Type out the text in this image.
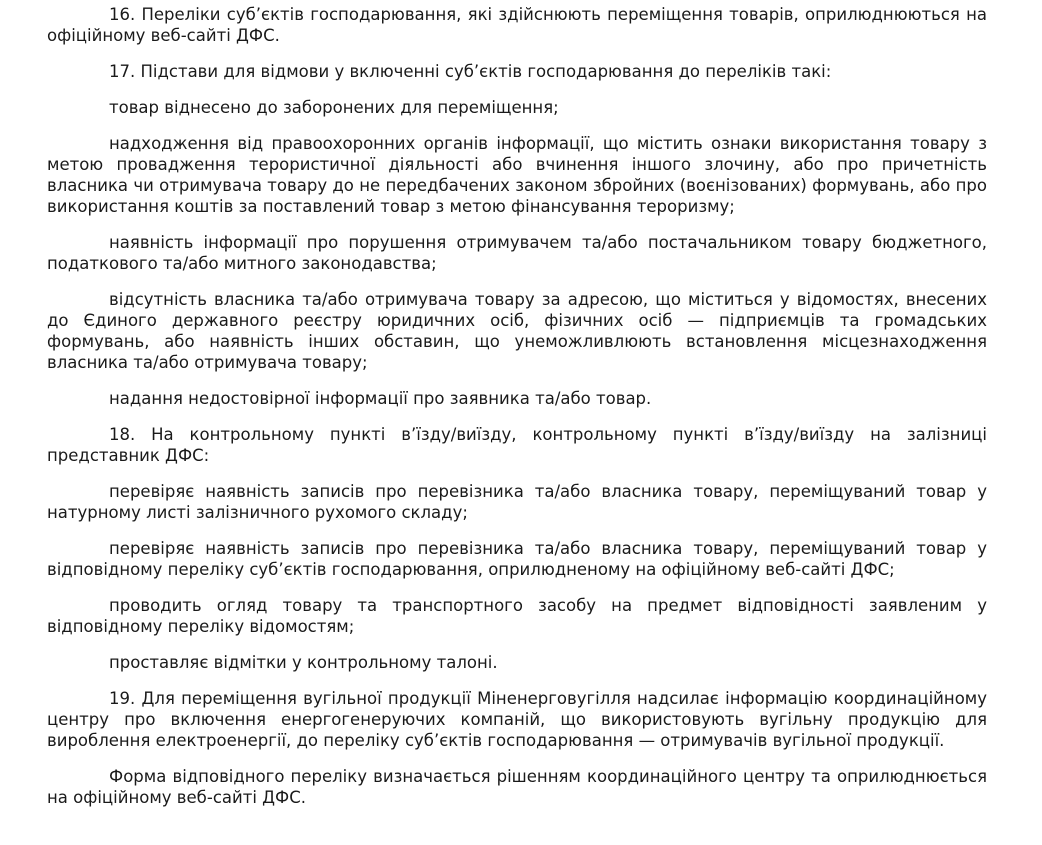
16. Переліки суб’єктів господарювання, які здійснюють переміщення товарів, оприлюднюються на офіційному веб-сайті ДФС.

17. Підстави для відмови у включенні суб’єктів господарювання до переліків такі:

товар віднесено до заборонених для переміщення;

надходження від правоохоронних органів інформації, що містить ознаки використання товару з метою провадження терористичної діяльності або вчинення іншого злочину, або про причетність власника чи отримувача товару до не передбачених законом збройних (воєнізованих) формувань, або про використання коштів за поставлений товар з метою фінансування тероризму;

наявність інформації про порушення отримувачем та/або постачальником товару бюджетного, податкового та/або митного законодавства;

відсутність власника та/або отримувача товару за адресою, що міститься у відомостях, внесених до Єдиного державного реєстру юридичних осіб, фізичних осіб — підприємців та громадських формувань, або наявність інших обставин, що унеможливлюють встановлення місцезнаходження власника та/або отримувача товару;

надання недостовірної інформації про заявника та/або товар.

18. На контрольному пункті в’їзду/виїзду, контрольному пункті в’їзду/виїзду на залізниці представник ДФС:

перевіряє наявність записів про перевізника та/або власника товару, переміщуваний товар у натурному листі залізничного рухомого складу;

перевіряє наявність записів про перевізника та/або власника товару, переміщуваний товар у відповідному переліку суб’єктів господарювання, оприлюдненому на офіційному веб-сайті ДФС;

проводить огляд товару та транспортного засобу на предмет відповідності заявленим у відповідному переліку відомостям;

проставляє відмітки у контрольному талоні.

19. Для переміщення вугільної продукції Міненерговугілля надсилає інформацію координаційному центру про включення енергогенеруючих компаній, що використовують вугільну продукцію для вироблення електроенергії, до переліку суб’єктів господарювання — отримувачів вугільної продукції.

Форма відповідного переліку визначається рішенням координаційного центру та оприлюднюється на офіційному веб-сайті ДФС.
